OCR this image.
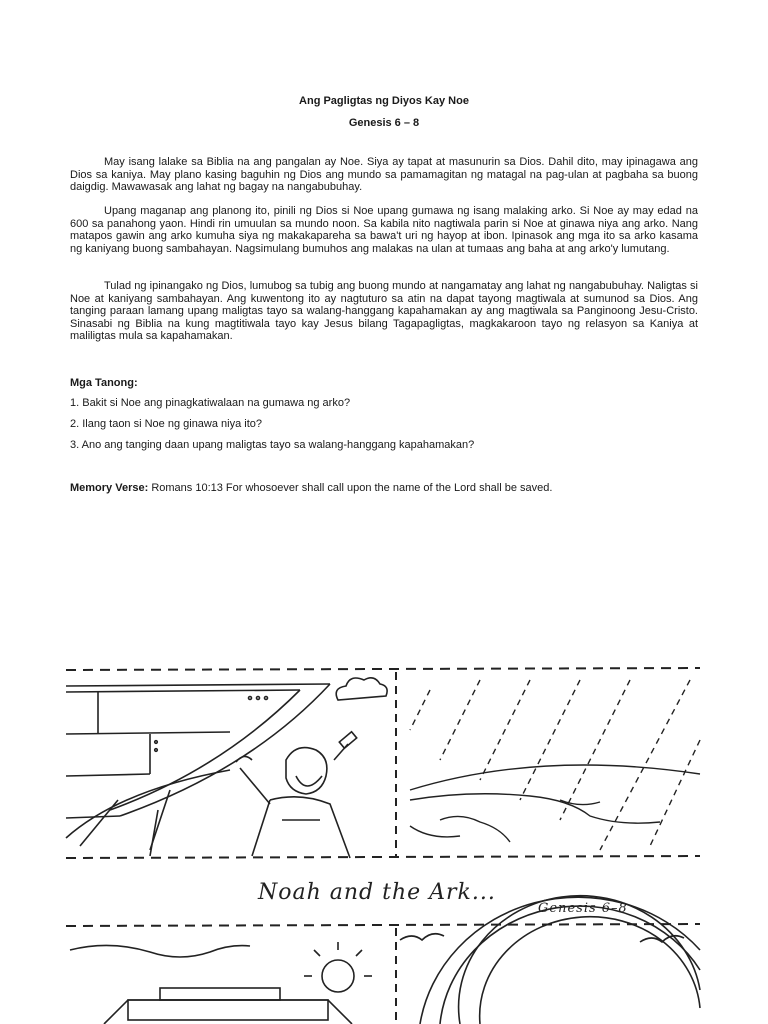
Ang Pagligtas ng Diyos Kay Noe
Genesis 6 – 8

May isang lalake sa Biblia na ang pangalan ay Noe. Siya ay tapat at masunurin sa Dios. Dahil dito, may ipinagawa ang Dios sa kaniya. May plano kasing baguhin ng Dios ang mundo sa pamamagitan ng matagal na pag-ulan at pagbaha sa buong daigdig. Mawawasak ang lahat ng bagay na nangabubuhay.

Upang maganap ang planong ito, pinili ng Dios si Noe upang gumawa ng isang malaking arko. Si Noe ay may edad na 600 sa panahong yaon. Hindi rin umuulan sa mundo noon. Sa kabila nito nagtiwala parin si Noe at ginawa niya ang arko. Nang matapos gawin ang arko kumuha siya ng makakapareha sa bawa't uri ng hayop at ibon. Ipinasok ang mga ito sa arko kasama ng kaniyang buong sambahayan. Nagsimulang bumuhos ang malakas na ulan at tumaas ang baha at ang arko'y lumutang.

Tulad ng ipinangako ng Dios, lumubog sa tubig ang buong mundo at nangamatay ang lahat ng nangabubuhay. Naligtas si Noe at kaniyang sambahayan. Ang kuwentong ito ay nagtuturo sa atin na dapat tayong magtiwala at sumunod sa Dios. Ang tanging paraan lamang upang maligtas tayo sa walang-hanggang kapahamakan ay ang magtiwala sa Panginoong Jesu-Cristo. Sinasabi ng Biblia na kung magtitiwala tayo kay Jesus bilang Tagapagligtas, magkakaroon tayo ng relasyon sa Kaniya at maliligtas mula sa kapahamakan.

Mga Tanong:
1. Bakit si Noe ang pinagkatiwalaan na gumawa ng arko?
2. Ilang taon si Noe ng ginawa niya ito?
3. Ano ang tanging daan upang maligtas tayo sa walang-hanggang kapahamakan?
Memory Verse: Romans 10:13 For whosoever shall call upon the name of the Lord shall be saved.
Noah and the Ark...
Genesis 6–8
